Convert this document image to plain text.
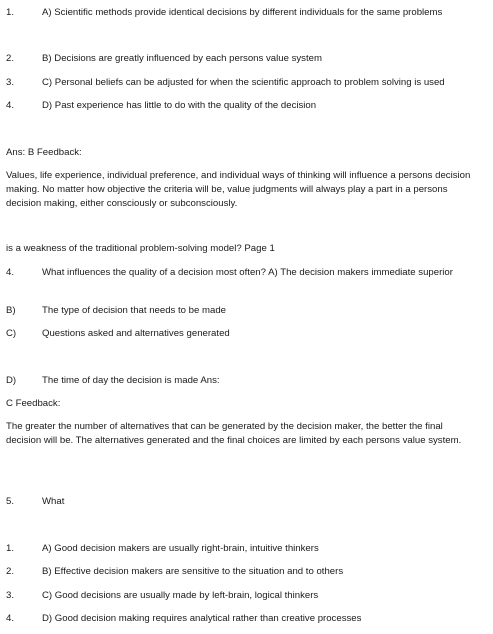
1.	A) Scientific methods provide identical decisions by different individuals for the same problems
2.	B) Decisions are greatly influenced by each persons value system
3.	C) Personal beliefs can be adjusted for when the scientific approach to problem solving is used
4.	D) Past experience has little to do with the quality of the decision
Ans: B Feedback:
Values, life experience, individual preference, and individual ways of thinking will influence a persons decision making. No matter how objective the criteria will be, value judgments will always play a part in a persons decision making, either consciously or subconsciously.
is a weakness of the traditional problem-solving model? Page 1
4.	What influences the quality of a decision most often? A) The decision makers immediate superior
B)	The type of decision that needs to be made
C)	Questions asked and alternatives generated
D)	The time of day the decision is made Ans:
C Feedback:
The greater the number of alternatives that can be generated by the decision maker, the better the final decision will be. The alternatives generated and the final choices are limited by each persons value system.
5.	What
1.	A) Good decision makers are usually right-brain, intuitive thinkers
2.	B) Effective decision makers are sensitive to the situation and to others
3.	C) Good decisions are usually made by left-brain, logical thinkers
4.	D) Good decision making requires analytical rather than creative processes
